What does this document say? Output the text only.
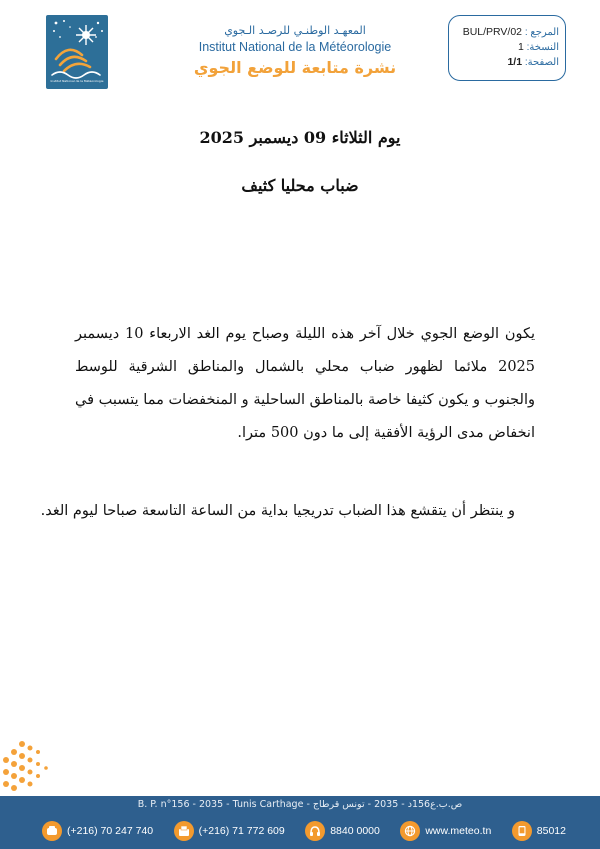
Institut National de la Météorologie
المعهـد الوطنـي للرصـد الـجوي
Institut National de la Météorologie
نشرة متابعة للوضع الجوي
المرجع : BUL/PRV/02
النسخة: 1
الصفحة: 1/1
يوم الثلاثاء 09 ديسمبر 2025
ضباب محليا كثيف
يكون الوضع الجوي خلال آخر هذه الليلة وصباح يوم الغد الاربعاء 10 ديسمبر 2025 ملائما لظهور ضباب محلي بالشمال والمناطق الشرقية للوسط والجنوب و يكون كثيفا خاصة بالمناطق الساحلية و المنخفضات مما يتسبب في انخفاض مدى الرؤية الأفقية إلى ما دون 500 مترا.
و ينتظر أن يتقشع هذا الضباب تدريجيا بداية من الساعة التاسعة صباحا ليوم الغد.
B. P. n°156 - 2035 - Tunis Carthage - ص.ب.ع156د - 2035 - تونس قرطاج
(+216) 70 247 740	(+216) 71 772 609	8840 0000	www.meteo.tn	85012
